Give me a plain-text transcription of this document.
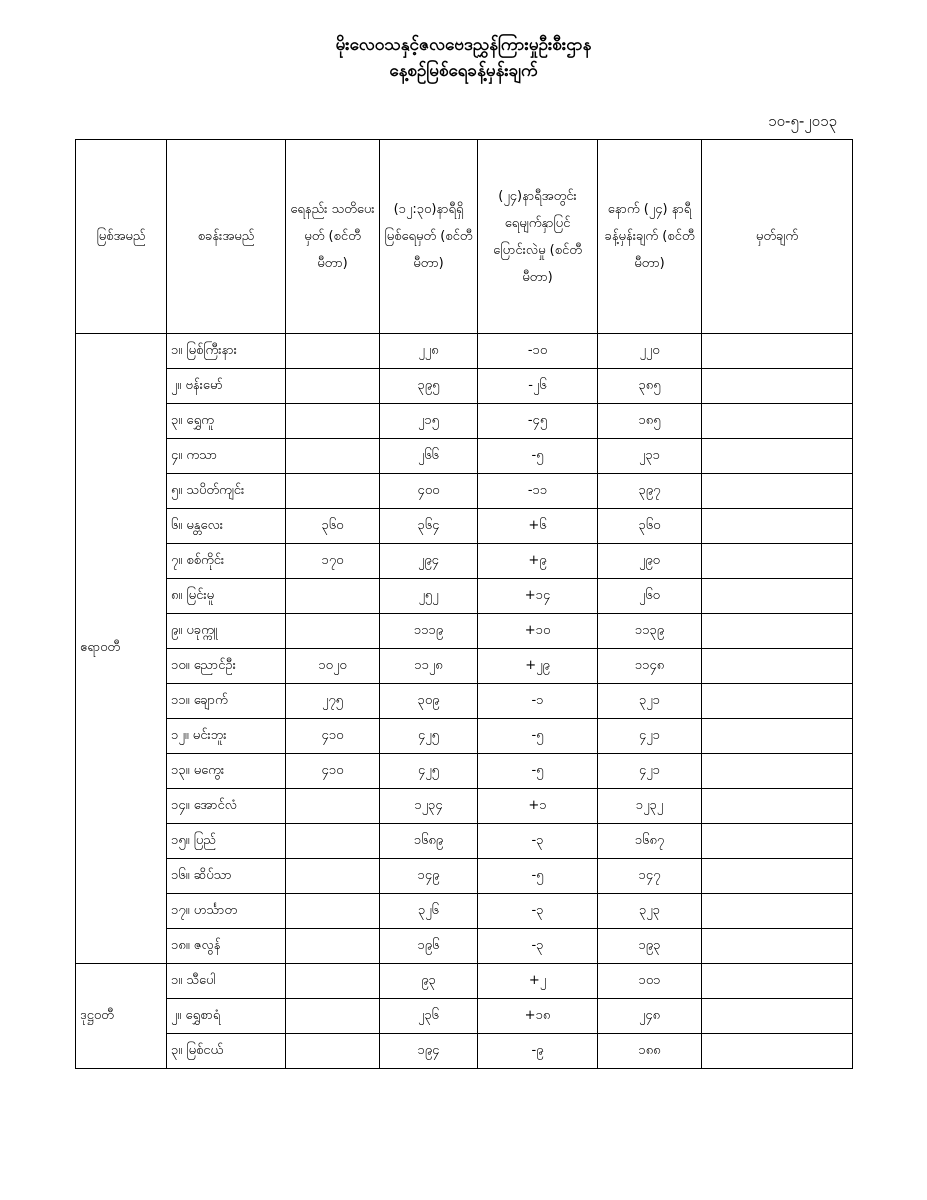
မိုးလေဝသနှင့်ဇလဗေဒညွှန်ကြားမှုဦးစီးဌာန
နေ့စဉ်မြစ်ရေခန့်မှန်းချက်
၁၀-၅-၂၀၁၃
မြစ်အမည်	စခန်းအမည်	ရေနည်း သတိပေးမှတ် (စင်တီမီတာ)	(၁၂:၃၀)နာရီရှိ မြစ်ရေမှတ် (စင်တီမီတာ)	(၂၄)နာရီအတွင်း ရေမျက်နှာပြင် ပြောင်းလဲမှု (စင်တီမီတာ)	နောက် (၂၄) နာရီ ခန့်မှန်းချက် (စင်တီမီတာ)	မှတ်ချက်
ဧရာဝတီ	၁။ မြစ်ကြီးနား		၂၂၈	-၁၀	၂၂၀	
	၂။ ဗန်းမော်		၃၉၅	-၂၆	၃၈၅	
	၃။ ရွှေကူ		၂၁၅	-၄၅	၁၈၅	
	၄။ ကသာ		၂၆၆	-၅	၂၃၁	
	၅။ သပိတ်ကျင်း		၄၀၀	-၁၁	၃၉၇	
	၆။ မန္တလေး	၃၆၀	၃၆၄	+၆	၃၆၀	
	၇။ စစ်ကိုင်း	၁၇၀	၂၉၄	+၉	၂၉၀	
	၈။ မြင်းမူ		၂၅၂	+၁၄	၂၆၀	
	၉။ ပခုက္ကူ		၁၁၁၉	+၁၀	၁၁၃၉	
	၁၀။ ညောင်ဦး	၁၀၂၀	၁၁၂၈	+၂၉	၁၁၄၈	
	၁၁။ ချောက်	၂၇၅	၃၀၉	-၁	၃၂၁	
	၁၂။ မင်းဘူး	၄၁၀	၄၂၅	-၅	၄၂၁	
	၁၃။ မကွေး	၄၁၀	၄၂၅	-၅	၄၂၁	
	၁၄။ အောင်လံ		၁၂၃၄	+၁	၁၂၃၂	
	၁၅။ ပြည်		၁၆၈၉	-၃	၁၆၈၇	
	၁၆။ ဆိပ်သာ		၁၄၉	-၅	၁၄၇	
	၁၇။ ဟင်္သာတ		၃၂၆	-၃	၃၂၃	
	၁၈။ ဇလွန်		၁၉၆	-၃	၁၉၃	
ဒုဋ္ဌဝတီ	၁။ သီပေါ		၉၃	+၂	၁၀၁	
	၂။ ရွှေစာရံ		၂၃၆	+၁၈	၂၄၈	
	၃။ မြစ်ငယ်		၁၉၄	-၉	၁၈၈	
